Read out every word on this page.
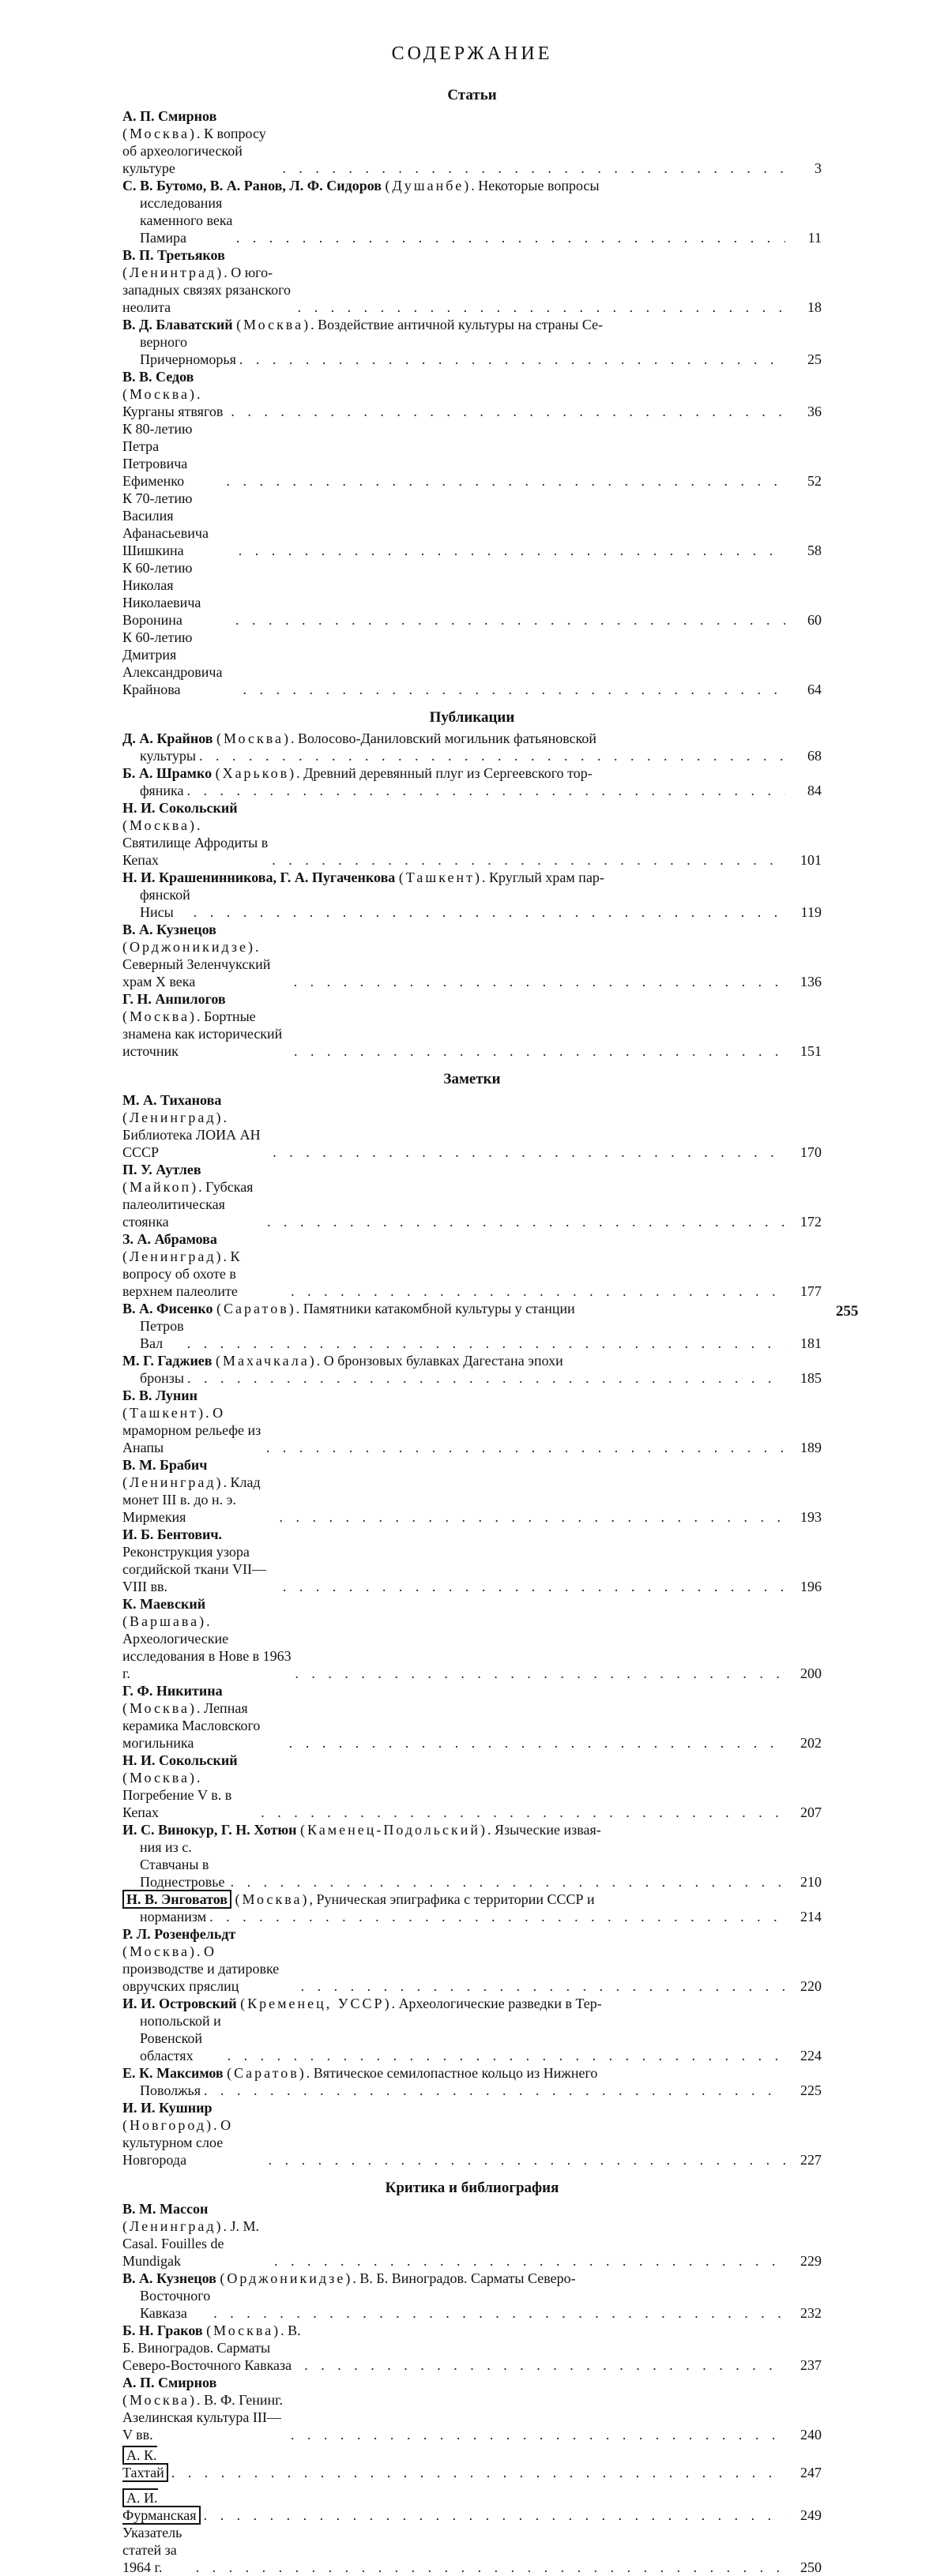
СОДЕРЖАНИЕ
Статьи
А. П. Смирнов (Москва). К вопросу об археологической культуре . . .	3
С. В. Бутомо, В. А. Ранов, Л. Ф. Сидоров (Душанбе). Некоторые вопросы
исследования каменного века Памира . . .	11
В. П. Третьяков (Ленинтрад). О юго-западных связях рязанского неолита . . .	18
В. Д. Блаватский (Москва). Воздействие античной культуры на страны Се-
верного Причерноморья . . .	25
В. В. Седов (Москва). Курганы ятвягов . . .	36
К 80-летию Петра Петровича Ефименко . . .	52
К 70-летию Василия Афанасьевича Шишкина . . .	58
К 60-летию Николая Николаевича Воронина . . .	60
К 60-летию Дмитрия Александровича Крайнова . . .	64
Публикации
Д. А. Крайнов (Москва). Волосово-Даниловский могильник фатьяновской
культуры . . .	68
Б. А. Шрамко (Харьков). Древний деревянный плуг из Сергеевского тор-
фяника . . .	84
Н. И. Сокольский (Москва). Святилище Афродиты в Кепах . . .	101
Н. И. Крашенинникова, Г. А. Пугаченкова (Ташкент). Круглый храм пар-
фянской Нисы . . .	119
В. А. Кузнецов (Орджоникидзе). Северный Зеленчукский храм X века . . .	136
Г. Н. Анпилогов (Москва). Бортные знамена как исторический источник . . .	151
Заметки
М. А. Тиханова (Ленинград). Библиотека ЛОИА АН СССР . . .	170
П. У. Аутлев (Майкоп). Губская палеолитическая стоянка . . .	172
З. А. Абрамова (Ленинград). К вопросу об охоте в верхнем палеолите . . .	177
В. А. Фисенко (Саратов). Памятники катакомбной культуры у станции
Петров Вал . . .	181
М. Г. Гаджиев (Махачкала). О бронзовых булавках Дагестана эпохи
бронзы . . .	185
Б. В. Лунин (Ташкент). О мраморном рельефе из Анапы . . .	189
В. М. Брабич (Ленинград). Клад монет III в. до н. э. Мирмекия . . .	193
И. Б. Бентович. Реконструкция узора согдийской ткани VII—VIII вв. . . .	196
К. Маевский (Варшава). Археологические исследования в Нове в 1963 г. . . .	200
Г. Ф. Никитина (Москва). Лепная керамика Масловского могильника . . .	202
Н. И. Сокольский (Москва). Погребение V в. в Кепах . . .	207
И. С. Винокур, Г. Н. Хотюн (Каменец-Подольский). Языческие извая-
ния из с. Ставчаны в Поднестровье . . .	210
Н. В. Энговатов (Москва), Руническая эпиграфика с территории СССР и
норманизм . . .	214
Р. Л. Розенфельдт (Москва). О производстве и датировке овручских пряслиц . . .	220
И. И. Островский (Кременец, УССР). Археологические разведки в Тер-
нопольской и Ровенской областях . . .	224
Е. К. Максимов (Саратов). Вятическое семилопастное кольцо из Нижнего
Поволжья . . .	225
И. И. Кушнир (Новгород). О культурном слое Новгорода . . .	227
Критика и библиография
В. М. Массон (Ленинград). J. M. Casal. Fouilles de Mundigak . . .	229
В. А. Кузнецов (Орджоникидзе). В. Б. Виноградов. Сарматы Северо-
Восточного Кавказа . . .	232
Б. Н. Граков (Москва). В. Б. Виноградов. Сарматы Северо-Восточного Кавказа . . .	237
А. П. Смирнов (Москва). В. Ф. Генинг. Азелинская культура III—V вв. . . .	240
А. К. Тахтай . . .	247
А. И. Фурманская . . .	249
Указатель статей за 1964 г. . . .	250
255
